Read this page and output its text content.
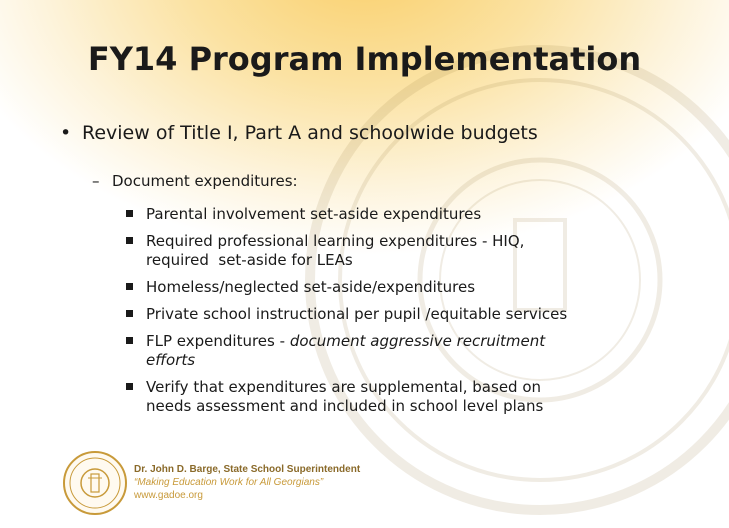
FY14 Program Implementation
• Review of Title I, Part A and schoolwide budgets
– Document expenditures:
Parental involvement set-aside expenditures
Required professional learning expenditures - HIQ,
required  set-aside for LEAs
Homeless/neglected set-aside/expenditures
Private school instructional per pupil /equitable services
FLP expenditures - document aggressive recruitment
efforts
Verify that expenditures are supplemental, based on
needs assessment and included in school level plans
Dr. John D. Barge, State School Superintendent
“Making Education Work for All Georgians”
www.gadoe.org
